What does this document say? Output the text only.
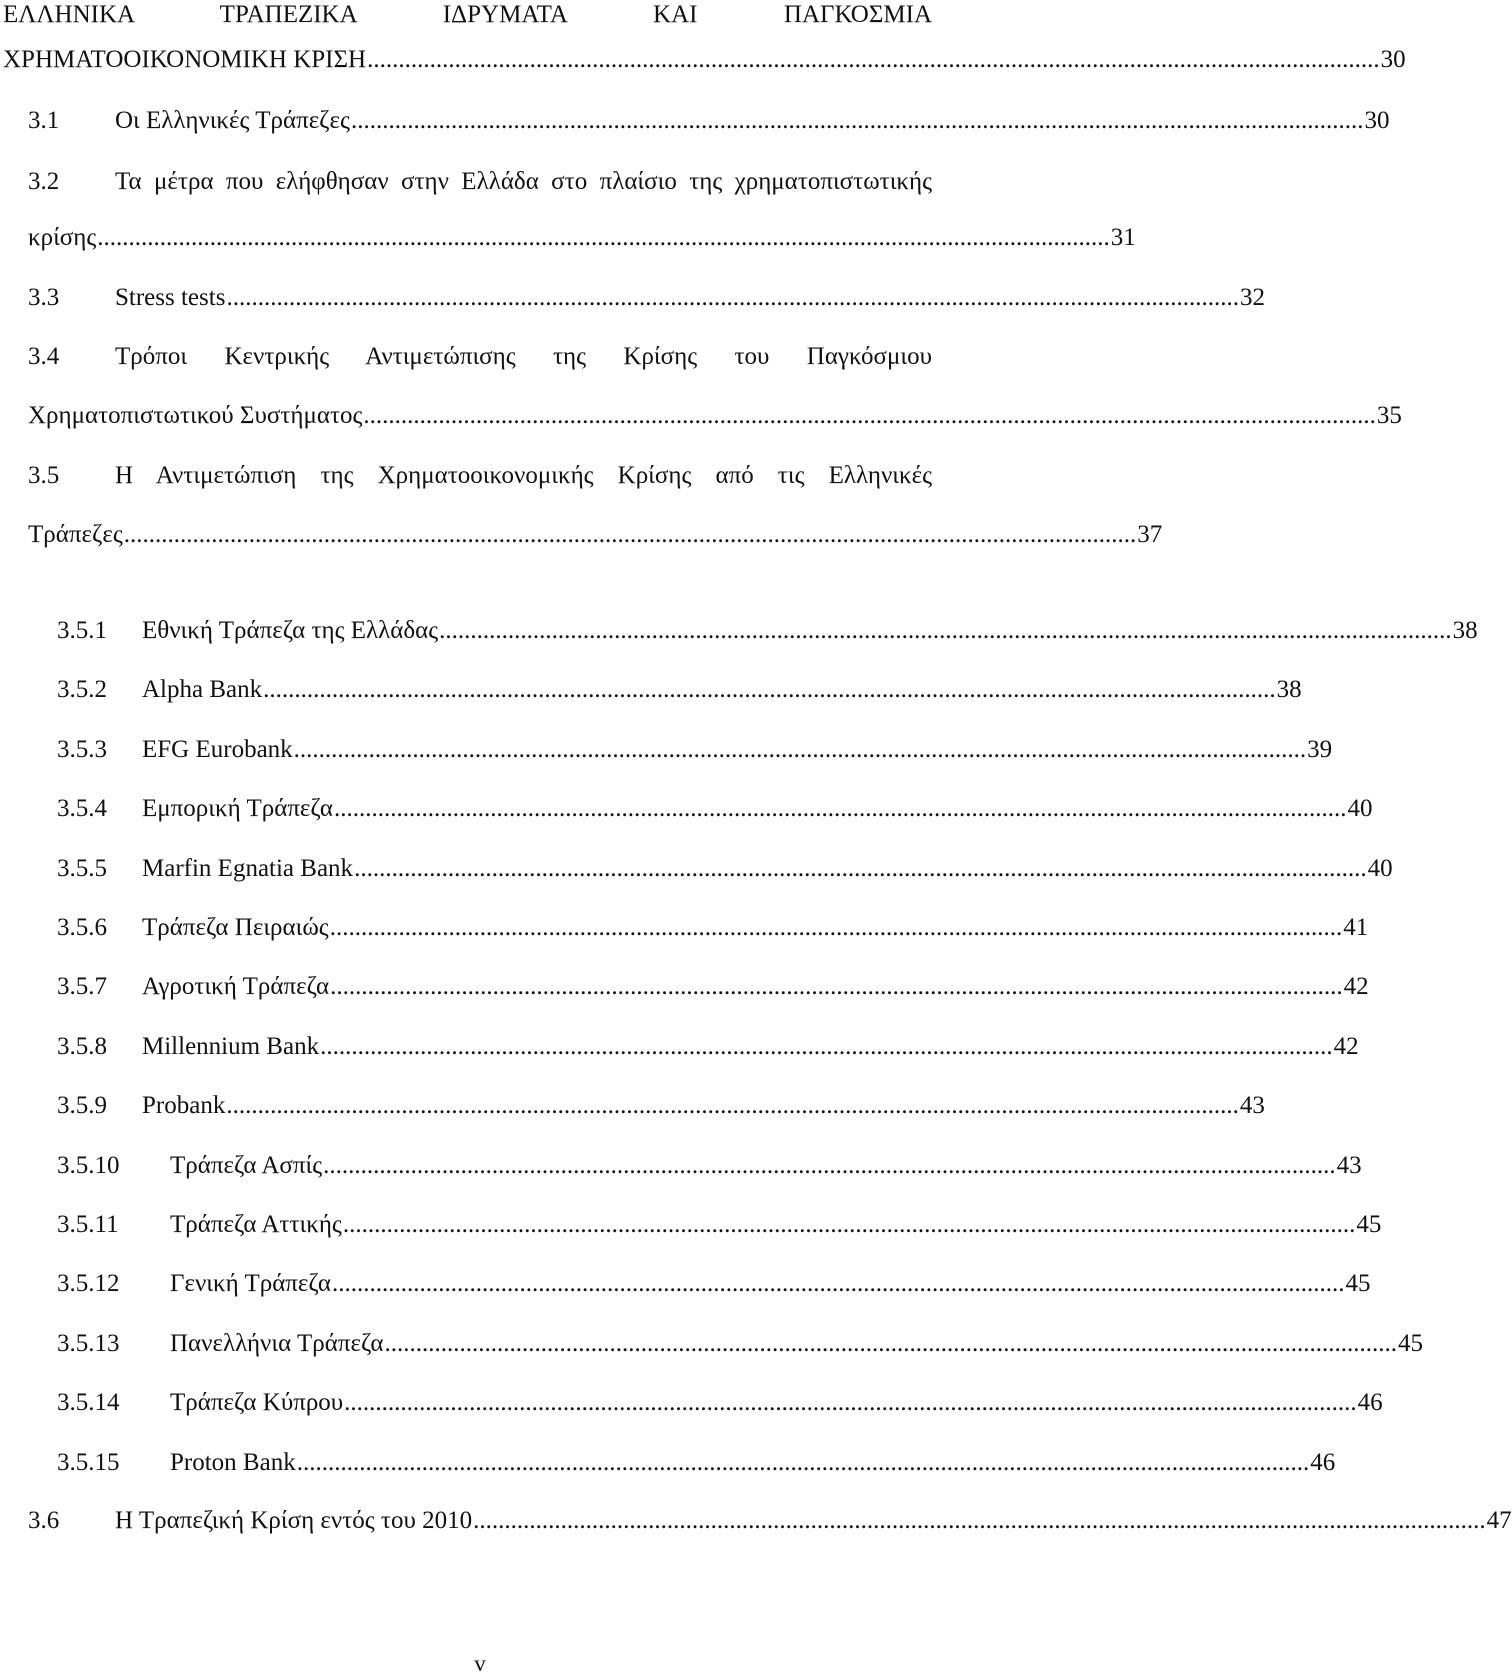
ΕΛΛΗΝΙΚΑ ΤΡΑΠΕΖΙΚΑ ΙΔΡΥΜΑΤΑ ΚΑΙ ΠΑΓΚΟΣΜΙΑ
ΧΡΗΜΑΤΟΟΙΚΟΝΟΜΙΚΗ ΚΡΙΣΗ .................................................................................................................................................................. 30
3.1 Οι Ελληνικές Τράπεζες .................................................................................................................................................................. 30
3.2 Τα μέτρα που ελήφθησαν στην Ελλάδα στο πλαίσιο της χρηματοπιστωτικής
κρίσης .................................................................................................................................................................. 31
3.3 Stress tests .................................................................................................................................................................. 32
3.4 Τρόποι Κεντρικής Αντιμετώπισης της Κρίσης του Παγκόσμιου
Χρηματοπιστωτικού Συστήματος .................................................................................................................................................................. 35
3.5 Η Αντιμετώπιση της Χρηματοοικονομικής Κρίσης από τις Ελληνικές
Τράπεζες .................................................................................................................................................................. 37
3.5.1 Εθνική Τράπεζα της Ελλάδας .................................................................................................................................................................. 38
3.5.2 Alpha Bank .................................................................................................................................................................. 38
3.5.3 EFG Eurobank .................................................................................................................................................................. 39
3.5.4 Εμπορική Τράπεζα .................................................................................................................................................................. 40
3.5.5 Marfin Egnatia Bank .................................................................................................................................................................. 40
3.5.6 Τράπεζα Πειραιώς .................................................................................................................................................................. 41
3.5.7 Αγροτική Τράπεζα .................................................................................................................................................................. 42
3.5.8 Millennium Bank .................................................................................................................................................................. 42
3.5.9 Probank .................................................................................................................................................................. 43
3.5.10 Τράπεζα Ασπίς .................................................................................................................................................................. 43
3.5.11 Τράπεζα Αττικής .................................................................................................................................................................. 45
3.5.12 Γενική Τράπεζα .................................................................................................................................................................. 45
3.5.13 Πανελλήνια Τράπεζα .................................................................................................................................................................. 45
3.5.14 Τράπεζα Κύπρου .................................................................................................................................................................. 46
3.5.15 Proton Bank .................................................................................................................................................................. 46
3.6 Η Τραπεζική Κρίση εντός του 2010 .................................................................................................................................................................. 47
v
